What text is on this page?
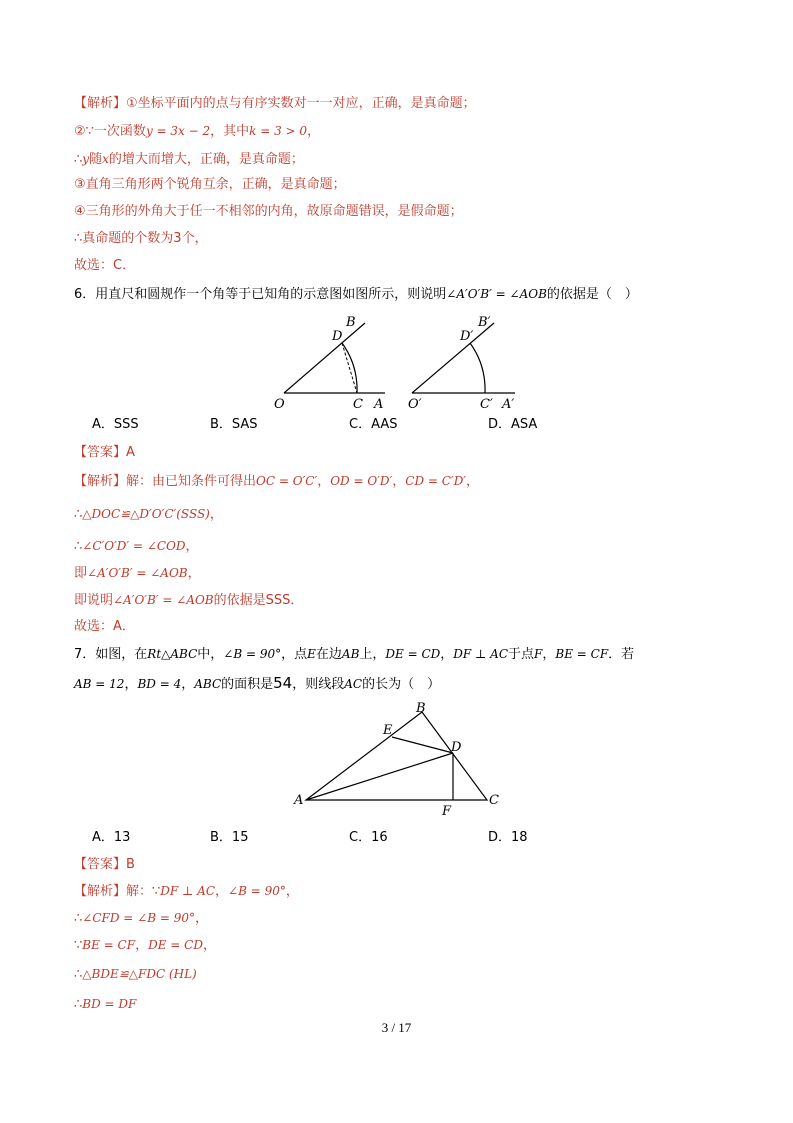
【解析】①坐标平面内的点与有序实数对一一对应，正确，是真命题；
②∵一次函数y = 3x − 2，其中k = 3 > 0，
∴y随x的增大而增大，正确，是真命题；
③直角三角形两个锐角互余，正确，是真命题；
④三角形的外角大于任一不相邻的内角，故原命题错误，是假命题；
∴真命题的个数为3个，
故选：C．
6．用直尺和圆规作一个角等于已知角的示意图如图所示，则说明∠A′O′B′ = ∠AOB的依据是（　）
B
D
O	C A
B′
D′
O′	C′ A′
A．SSS	B．SAS	C．AAS	D．ASA
【答案】A
【解析】解：由已知条件可得出OC = O′C′，OD = O′D′，CD = C′D′，
∴△DOC≌△D′O′C′(SSS)，
∴∠C′O′D′ = ∠COD，
即∠A′O′B′ = ∠AOB，
即说明∠A′O′B′ = ∠AOB的依据是SSS．
故选：A．
7．如图，在Rt△ABC中，∠B = 90°，点E在边AB上，DE = CD，DF ⊥ AC于点F，BE = CF．若
AB = 12，BD = 4，ABC的面积是54，则线段AC的长为（　）
A
B
C
D
E
F
A．13	B．15	C．16	D．18
【答案】B
【解析】解：∵DF ⊥ AC，∠B = 90°，
∴∠CFD = ∠B = 90°，
∵BE = CF，DE = CD，
∴△BDE≌△FDC (HL)
∴BD = DF
3 / 17
